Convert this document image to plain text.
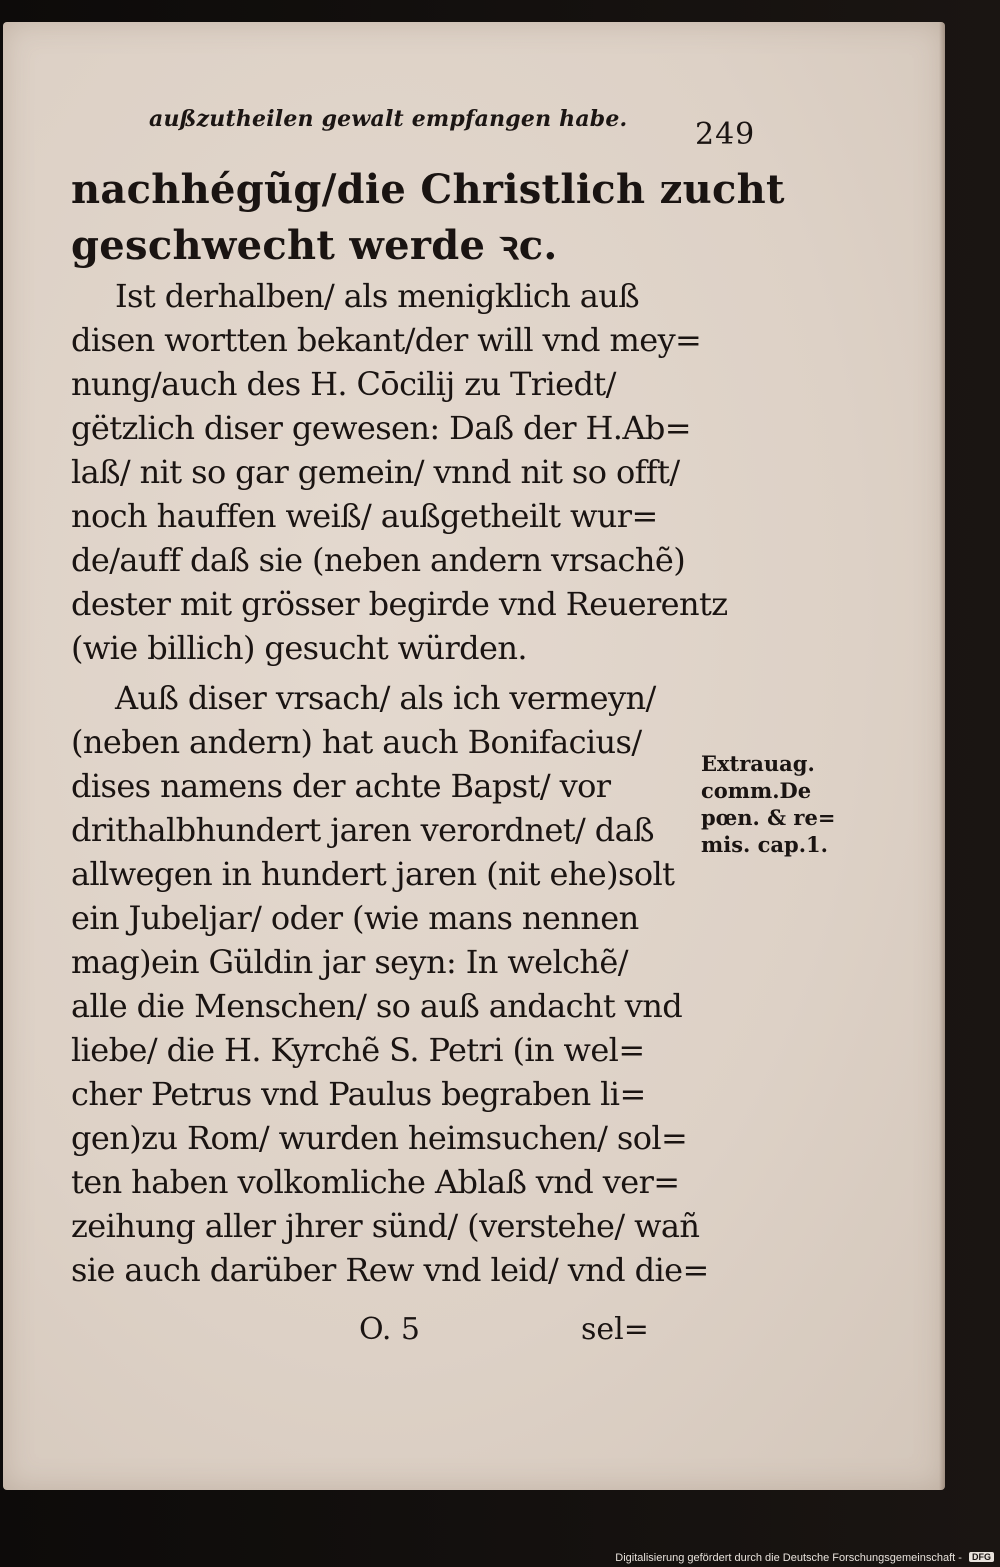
außzutheilen gewalt empfangen habe. 249
nachhégũg/die Christlich zucht
geschwecht werde ꝛc.
Ist derhalben/ als menigklich auß
disen wortten bekant/der will vnd mey=
nung/auch des H. Cōcilij zu Triedt/
gëtzlich diser gewesen: Daß der H.Ab=
laß/ nit so gar gemein/ vnnd nit so offt/
noch hauffen weiß/ außgetheilt wur=
de/auff daß sie (neben andern vrsachẽ)
dester mit grösser begirde vnd Reuerentz
(wie billich) gesucht würden.
Auß diser vrsach/ als ich vermeyn/
(neben andern) hat auch Bonifacius/
dises namens der achte Bapst/ vor
drithalbhundert jaren verordnet/ daß
allwegen in hundert jaren (nit ehe)solt
ein Jubeljar/ oder (wie mans nennen
mag)ein Güldin jar seyn: In welchẽ/
alle die Menschen/ so auß andacht vnd
liebe/ die H. Kyrchẽ S. Petri (in wel=
cher Petrus vnd Paulus begraben li=
gen)zu Rom/ wurden heimsuchen/ sol=
ten haben volkomliche Ablaß vnd ver=
zeihung aller jhrer sünd/ (verstehe/ wañ
sie auch darüber Rew vnd leid/ vnd die=
O. 5	sel=
Extrauag.
comm.De
pœn. & re=
mis. cap.1.
Digitalisierung gefördert durch die Deutsche Forschungsgemeinschaft - DFG
